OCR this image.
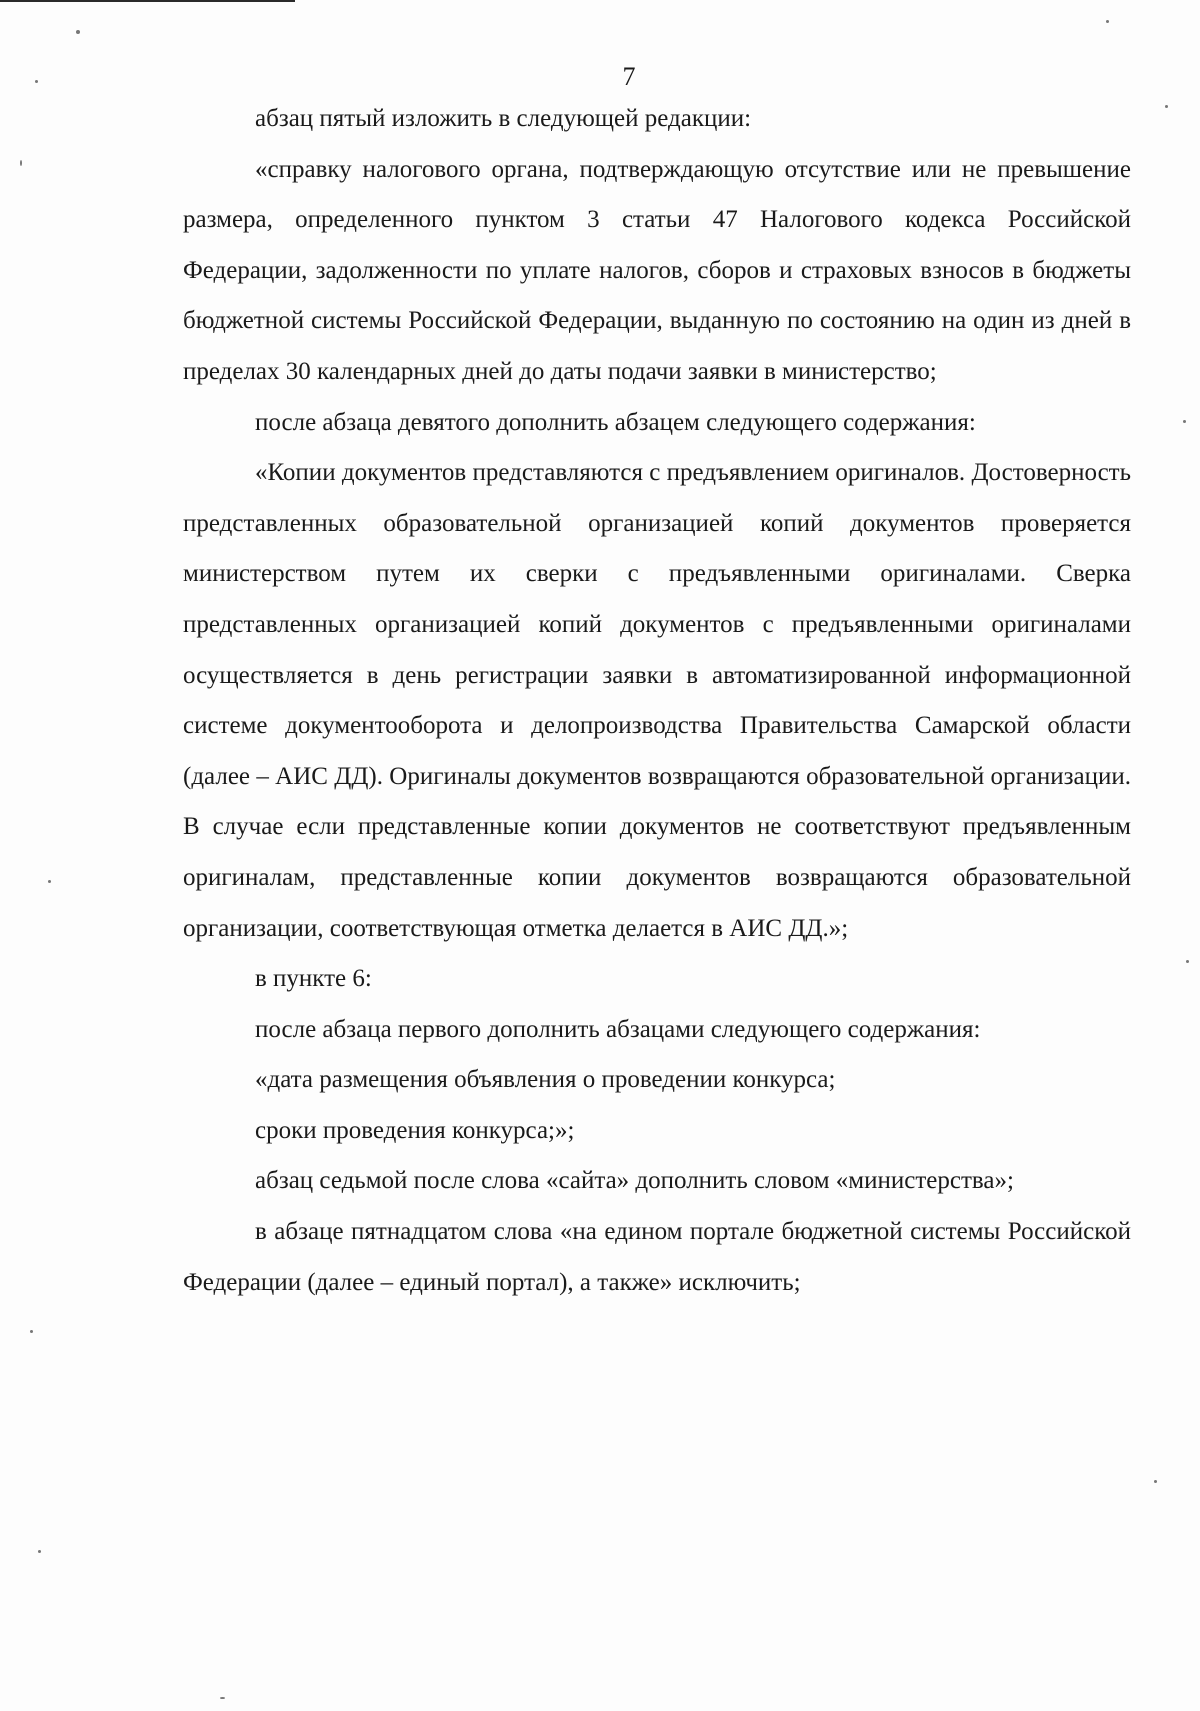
7

абзац пятый изложить в следующей редакции:

«справку налогового органа, подтверждающую отсутствие или не превышение размера, определенного пунктом 3 статьи 47 Налогового кодекса Российской Федерации, задолженности по уплате налогов, сборов и страховых взносов в бюджеты бюджетной системы Российской Федерации, выданную по состоянию на один из дней в пределах 30 календарных дней до даты подачи заявки в министерство;

после абзаца девятого дополнить абзацем следующего содержания:

«Копии документов представляются с предъявлением оригиналов. Достоверность представленных образовательной организацией копий документов проверяется министерством путем их сверки с предъявленными оригиналами. Сверка представленных организацией копий документов с предъявленными оригиналами осуществляется в день регистрации заявки в автоматизированной информационной системе документооборота и делопроизводства Правительства Самарской области (далее – АИС ДД). Оригиналы документов возвращаются образовательной организации. В случае если представленные копии документов не соответствуют предъявленным оригиналам, представленные копии документов возвращаются образовательной организации, соответствующая отметка делается в АИС ДД.»;

в пункте 6:

после абзаца первого дополнить абзацами следующего содержания:

«дата размещения объявления о проведении конкурса;

сроки проведения конкурса;»;

абзац седьмой после слова «сайта» дополнить словом «министерства»;

в абзаце пятнадцатом слова «на едином портале бюджетной системы Российской Федерации (далее – единый портал), а также» исключить;
